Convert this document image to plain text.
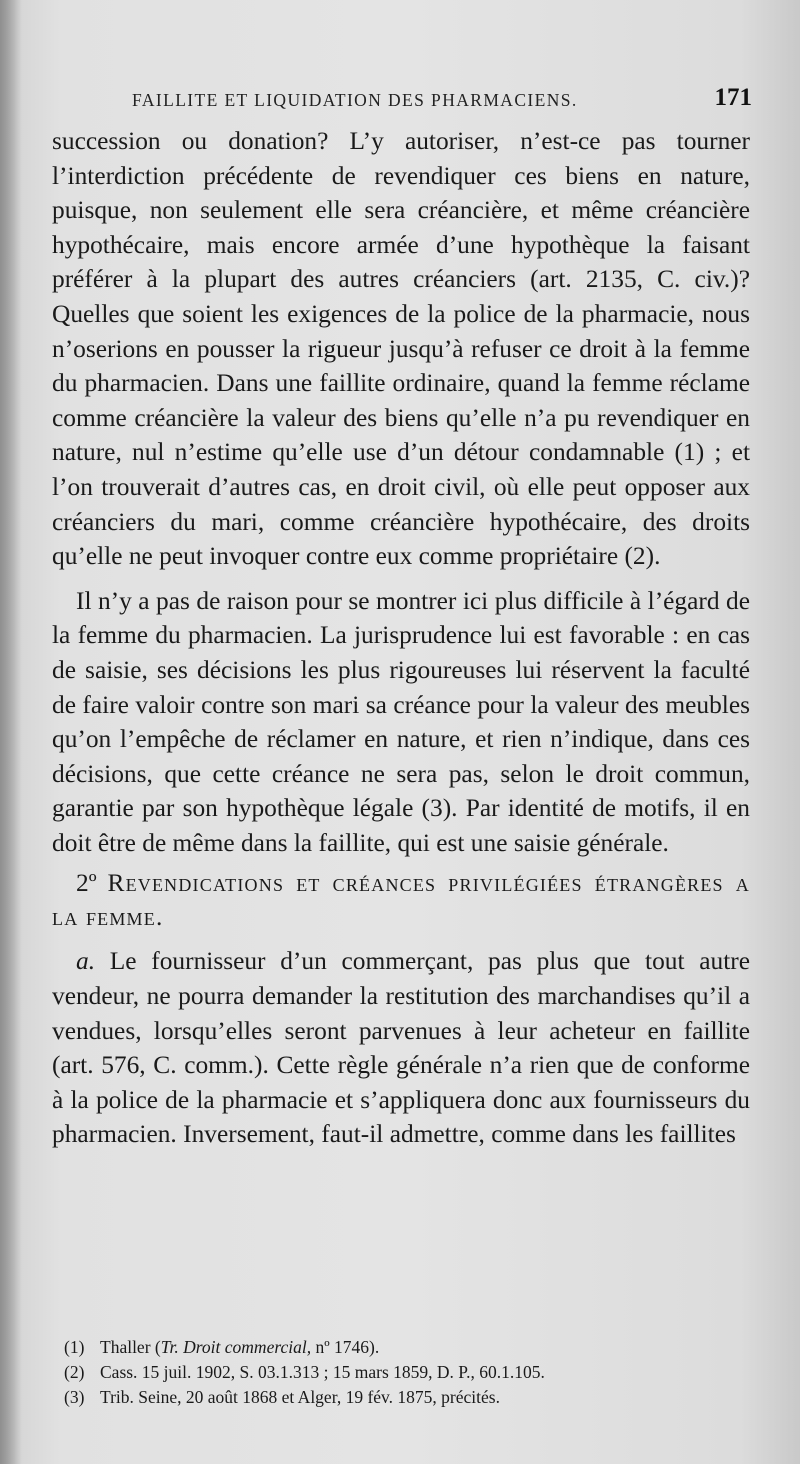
FAILLITE ET LIQUIDATION DES PHARMACIENS.	171

succession ou donation? L’y autoriser, n’est-ce pas tourner l’interdiction précédente de revendiquer ces biens en nature, puisque, non seulement elle sera créancière, et même créancière hypothécaire, mais encore armée d’une hypothèque la faisant préférer à la plupart des autres créanciers (art. 2135, C. civ.)? Quelles que soient les exigences de la police de la pharmacie, nous n’oserions en pousser la rigueur jusqu’à refuser ce droit à la femme du pharmacien. Dans une faillite ordinaire, quand la femme réclame comme créancière la valeur des biens qu’elle n’a pu revendiquer en nature, nul n’estime qu’elle use d’un détour condamnable (1) ; et l’on trouverait d’autres cas, en droit civil, où elle peut opposer aux créanciers du mari, comme créancière hypothécaire, des droits qu’elle ne peut invoquer contre eux comme propriétaire (2).

Il n’y a pas de raison pour se montrer ici plus difficile à l’égard de la femme du pharmacien. La jurisprudence lui est favorable : en cas de saisie, ses décisions les plus rigoureuses lui réservent la faculté de faire valoir contre son mari sa créance pour la valeur des meubles qu’on l’empêche de réclamer en nature, et rien n’indique, dans ces décisions, que cette créance ne sera pas, selon le droit commun, garantie par son hypothèque légale (3). Par identité de motifs, il en doit être de même dans la faillite, qui est une saisie générale.

2º Revendications et créances privilégiées étrangères a la femme.

a. Le fournisseur d’un commerçant, pas plus que tout autre vendeur, ne pourra demander la restitution des marchandises qu’il a vendues, lorsqu’elles seront parvenues à leur acheteur en faillite (art. 576, C. comm.). Cette règle générale n’a rien que de conforme à la police de la pharmacie et s’appliquera donc aux fournisseurs du pharmacien. Inversement, faut-il admettre, comme dans les faillites

(1) Thaller (Tr. Droit commercial, nº 1746).
(2) Cass. 15 juil. 1902, S. 03.1.313 ; 15 mars 1859, D. P., 60.1.105.
(3) Trib. Seine, 20 août 1868 et Alger, 19 fév. 1875, précités.
